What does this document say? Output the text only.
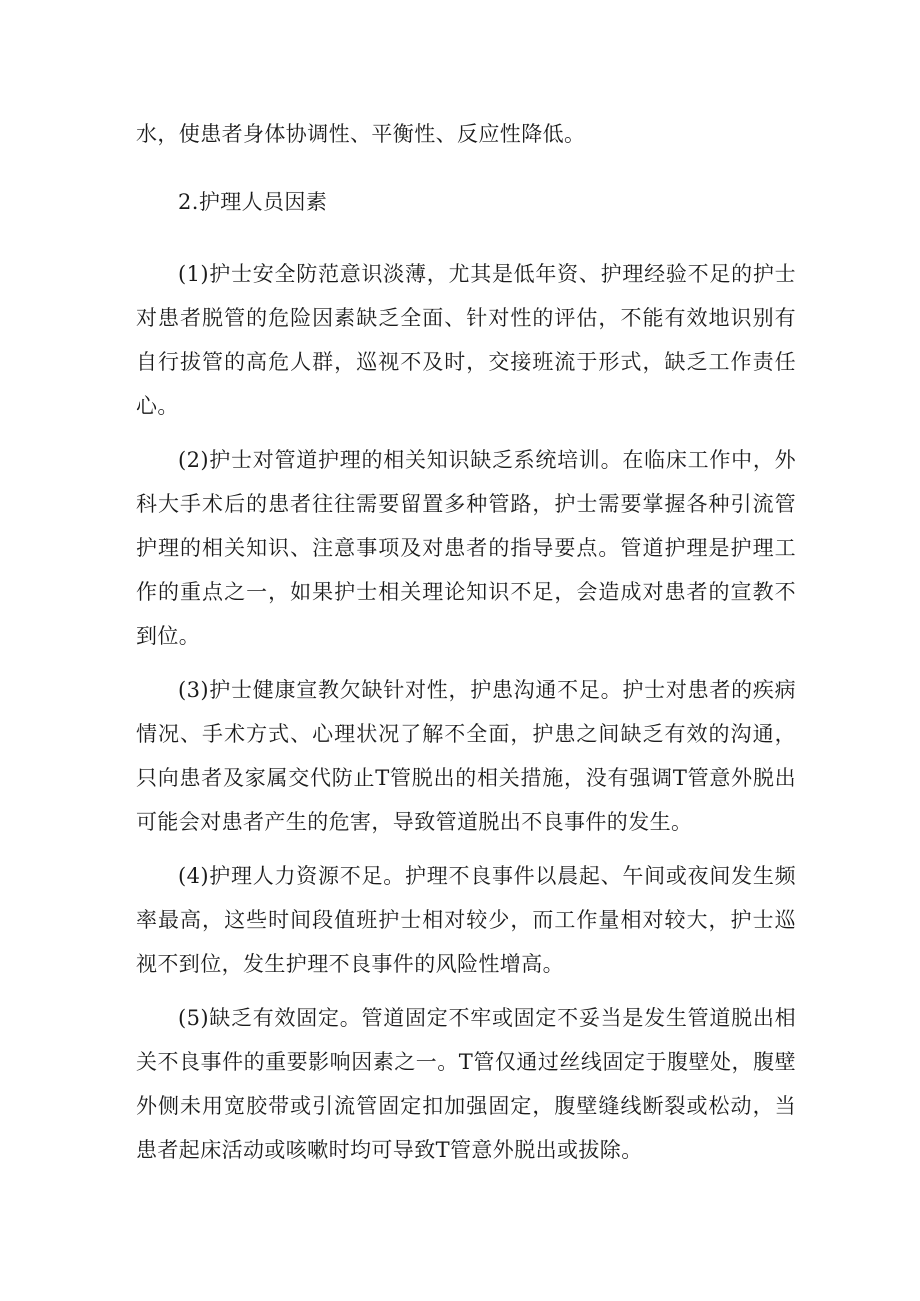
水，使患者身体协调性、平衡性、反应性降低。

2.护理人员因素

(1)护士安全防范意识淡薄，尤其是低年资、护理经验不足的护士对患者脱管的危险因素缺乏全面、针对性的评估，不能有效地识别有自行拔管的高危人群，巡视不及时，交接班流于形式，缺乏工作责任心。

(2)护士对管道护理的相关知识缺乏系统培训。在临床工作中，外科大手术后的患者往往需要留置多种管路，护士需要掌握各种引流管护理的相关知识、注意事项及对患者的指导要点。管道护理是护理工作的重点之一，如果护士相关理论知识不足，会造成对患者的宣教不到位。

(3)护士健康宣教欠缺针对性，护患沟通不足。护士对患者的疾病情况、手术方式、心理状况了解不全面，护患之间缺乏有效的沟通，只向患者及家属交代防止T管脱出的相关措施，没有强调T管意外脱出可能会对患者产生的危害，导致管道脱出不良事件的发生。

(4)护理人力资源不足。护理不良事件以晨起、午间或夜间发生频率最高，这些时间段值班护士相对较少，而工作量相对较大，护士巡视不到位，发生护理不良事件的风险性增高。

(5)缺乏有效固定。管道固定不牢或固定不妥当是发生管道脱出相关不良事件的重要影响因素之一。T管仅通过丝线固定于腹壁处，腹壁外侧未用宽胶带或引流管固定扣加强固定，腹壁缝线断裂或松动，当患者起床活动或咳嗽时均可导致T管意外脱出或拔除。
